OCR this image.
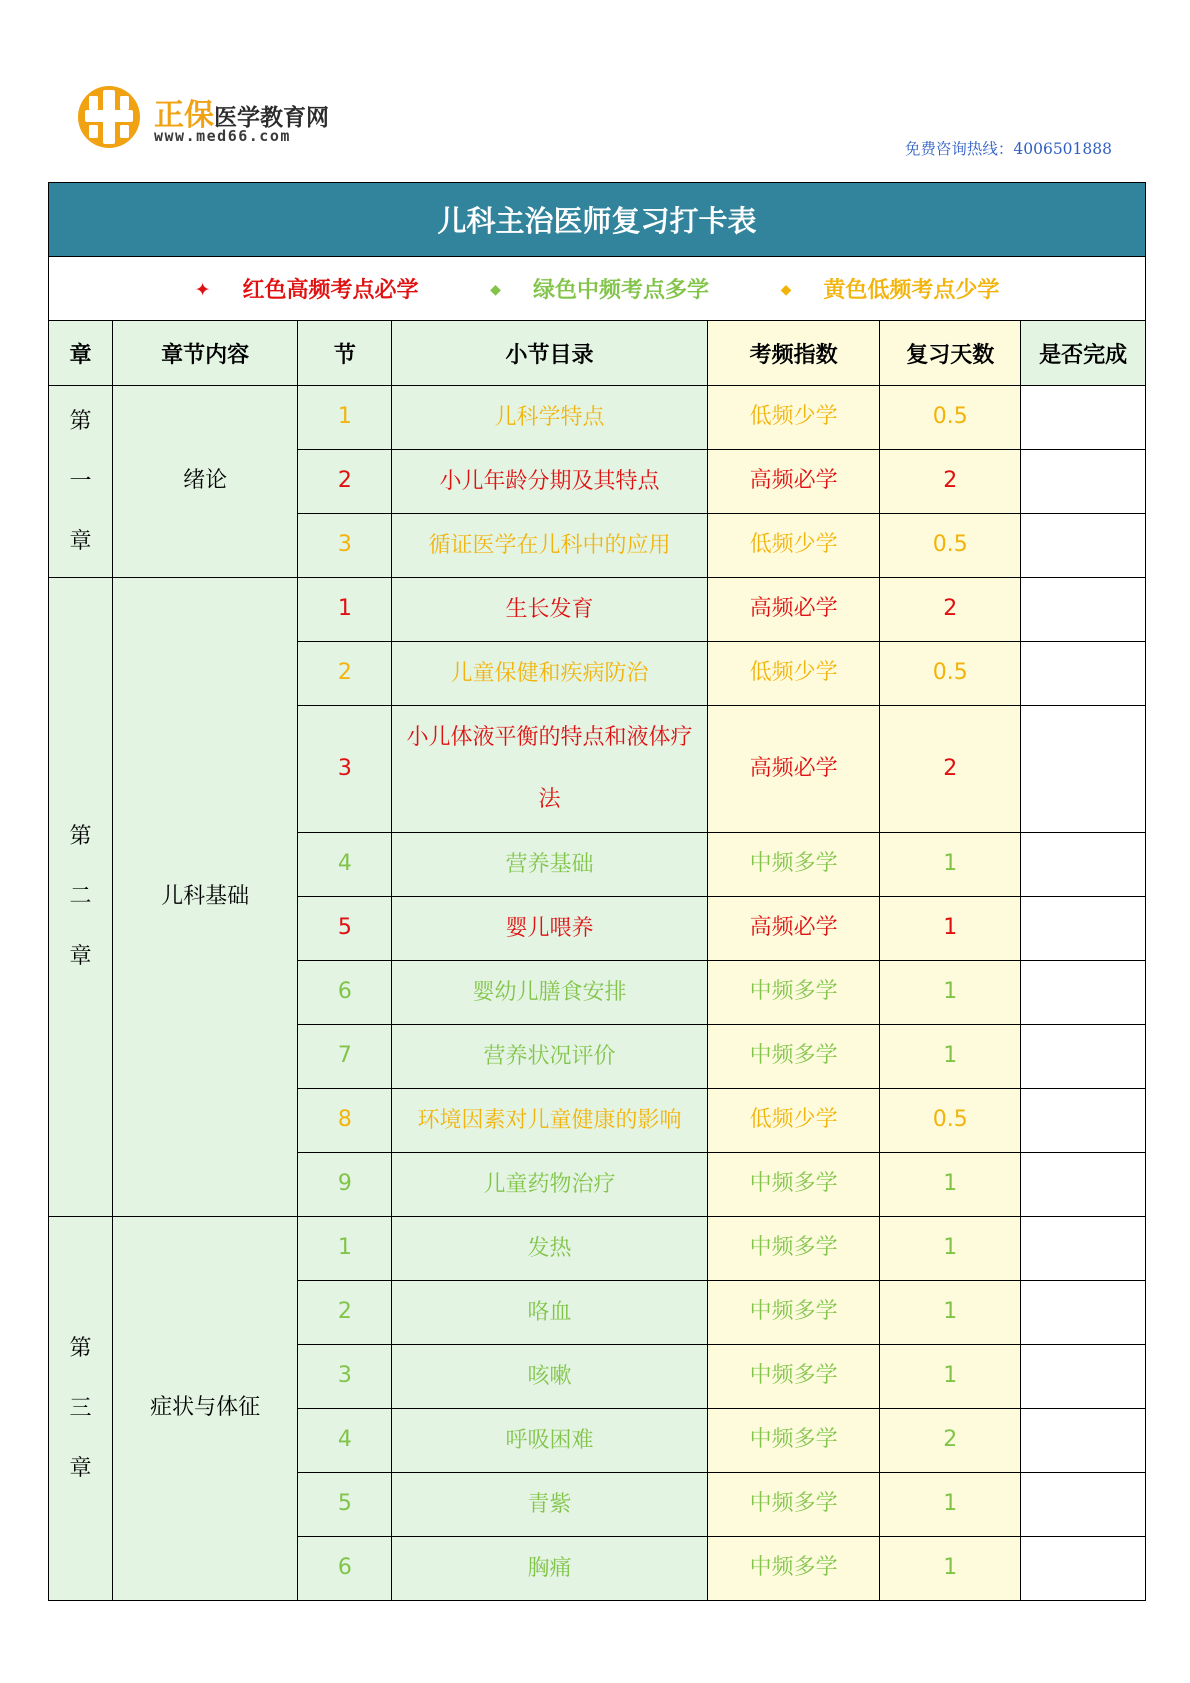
正保医学教育网
www.med66.com
免费咨询热线：4006501888
儿科主治医师复习打卡表						
✦ 红色高频考点必学 ◆ 绿色中频考点多学 ◆ 黄色低频考点少学						
章	章节内容	节	小节目录	考频指数	复习天数	是否完成

第
一
章	绪论	1	儿科学特点	低频少学	0.5	
		2	小儿年龄分期及其特点	高频必学	2	
		3	循证医学在儿科中的应用	低频少学	0.5	

第
二
章	儿科基础	1	生长发育	高频必学	2	
		2	儿童保健和疾病防治	低频少学	0.5	
		3	小儿体液平衡的特点和液体疗法	高频必学	2	
		4	营养基础	中频多学	1	
		5	婴儿喂养	高频必学	1	
		6	婴幼儿膳食安排	中频多学	1	
		7	营养状况评价	中频多学	1	
		8	环境因素对儿童健康的影响	低频少学	0.5	
		9	儿童药物治疗	中频多学	1	

第
三
章	症状与体征	1	发热	中频多学	1	
		2	咯血	中频多学	1	
		3	咳嗽	中频多学	1	
		4	呼吸困难	中频多学	2	
		5	青紫	中频多学	1	
		6	胸痛	中频多学	1	
